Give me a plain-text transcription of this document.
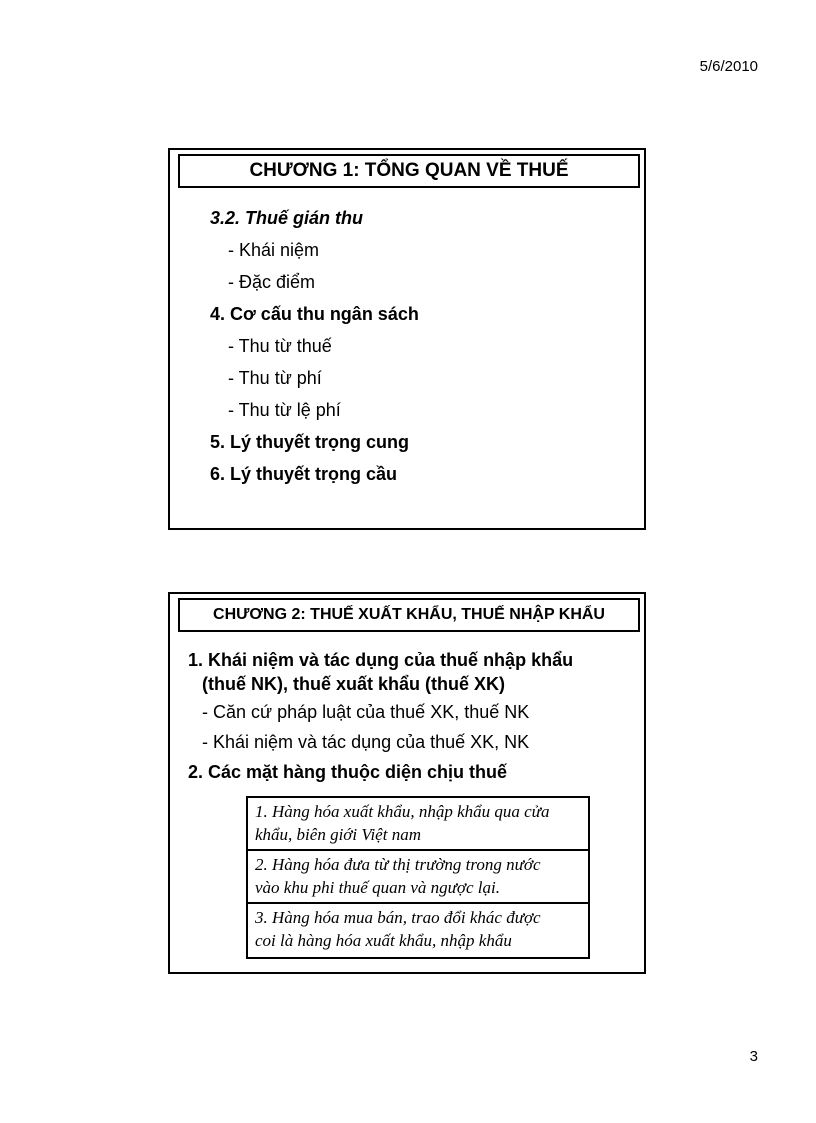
5/6/2010
CHƯƠNG 1: TỔNG QUAN VỀ THUẾ
3.2. Thuế gián thu
- Khái niệm
- Đặc điểm
4. Cơ cấu thu ngân sách
- Thu từ thuế
- Thu từ phí
- Thu từ lệ phí
5. Lý thuyết trọng cung
6. Lý thuyết trọng cầu
CHƯƠNG 2: THUẾ XUẤT KHẨU, THUẾ NHẬP KHẨU
1. Khái niệm và tác dụng của thuế nhập khẩu
(thuế NK), thuế xuất khẩu (thuế XK)
- Căn cứ pháp luật của thuế XK, thuế NK
- Khái niệm và tác dụng của thuế XK, NK
2. Các mặt hàng thuộc diện chịu thuế
1. Hàng hóa xuất khẩu, nhập khẩu qua cửa
khẩu, biên giới Việt nam
2. Hàng hóa đưa từ thị trường trong nước
vào khu phi thuế quan và ngược lại.
3. Hàng hóa mua bán, trao đổi khác được
coi là hàng hóa xuất khẩu, nhập khẩu
3
